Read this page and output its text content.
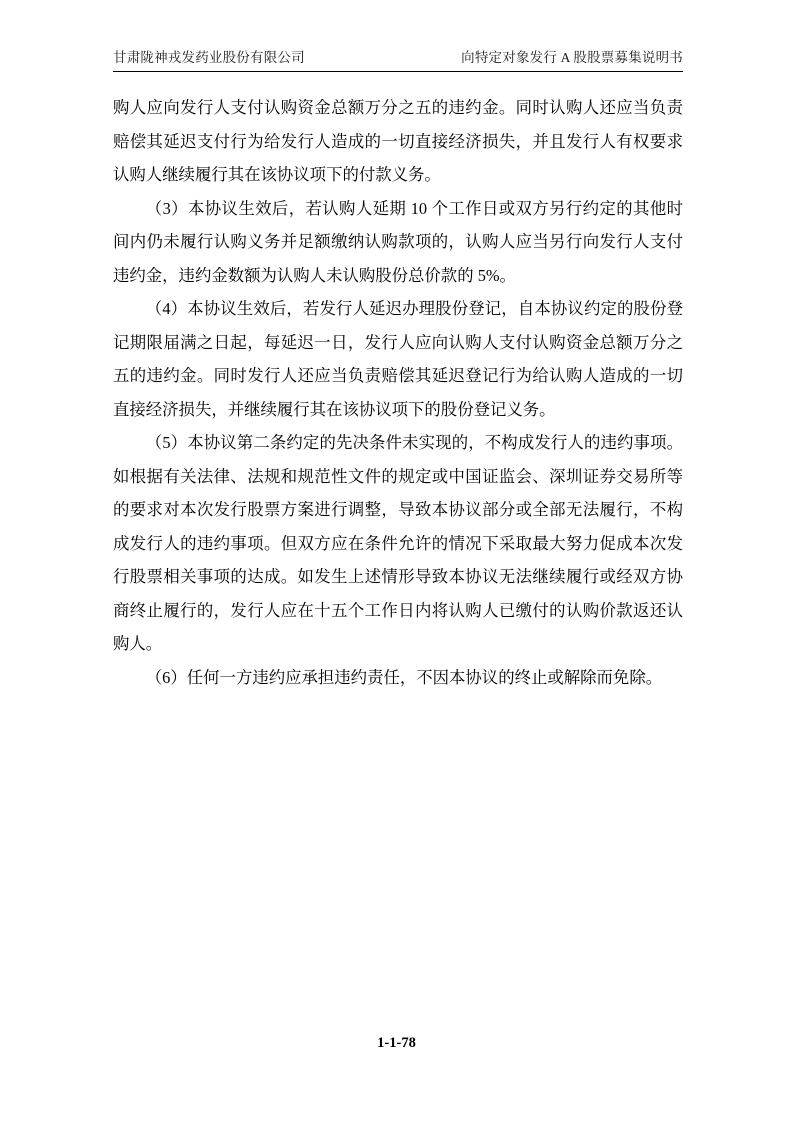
甘肃陇神戎发药业股份有限公司	向特定对象发行 A 股股票募集说明书

购人应向发行人支付认购资金总额万分之五的违约金。同时认购人还应当负责赔偿其延迟支付行为给发行人造成的一切直接经济损失，并且发行人有权要求认购人继续履行其在该协议项下的付款义务。

（3）本协议生效后，若认购人延期 10 个工作日或双方另行约定的其他时间内仍未履行认购义务并足额缴纳认购款项的，认购人应当另行向发行人支付违约金，违约金数额为认购人未认购股份总价款的 5%。

（4）本协议生效后，若发行人延迟办理股份登记，自本协议约定的股份登记期限届满之日起，每延迟一日，发行人应向认购人支付认购资金总额万分之五的违约金。同时发行人还应当负责赔偿其延迟登记行为给认购人造成的一切直接经济损失，并继续履行其在该协议项下的股份登记义务。

（5）本协议第二条约定的先决条件未实现的，不构成发行人的违约事项。如根据有关法律、法规和规范性文件的规定或中国证监会、深圳证券交易所等的要求对本次发行股票方案进行调整，导致本协议部分或全部无法履行，不构成发行人的违约事项。但双方应在条件允许的情况下采取最大努力促成本次发行股票相关事项的达成。如发生上述情形导致本协议无法继续履行或经双方协商终止履行的，发行人应在十五个工作日内将认购人已缴付的认购价款返还认购人。

（6）任何一方违约应承担违约责任，不因本协议的终止或解除而免除。

1-1-78
